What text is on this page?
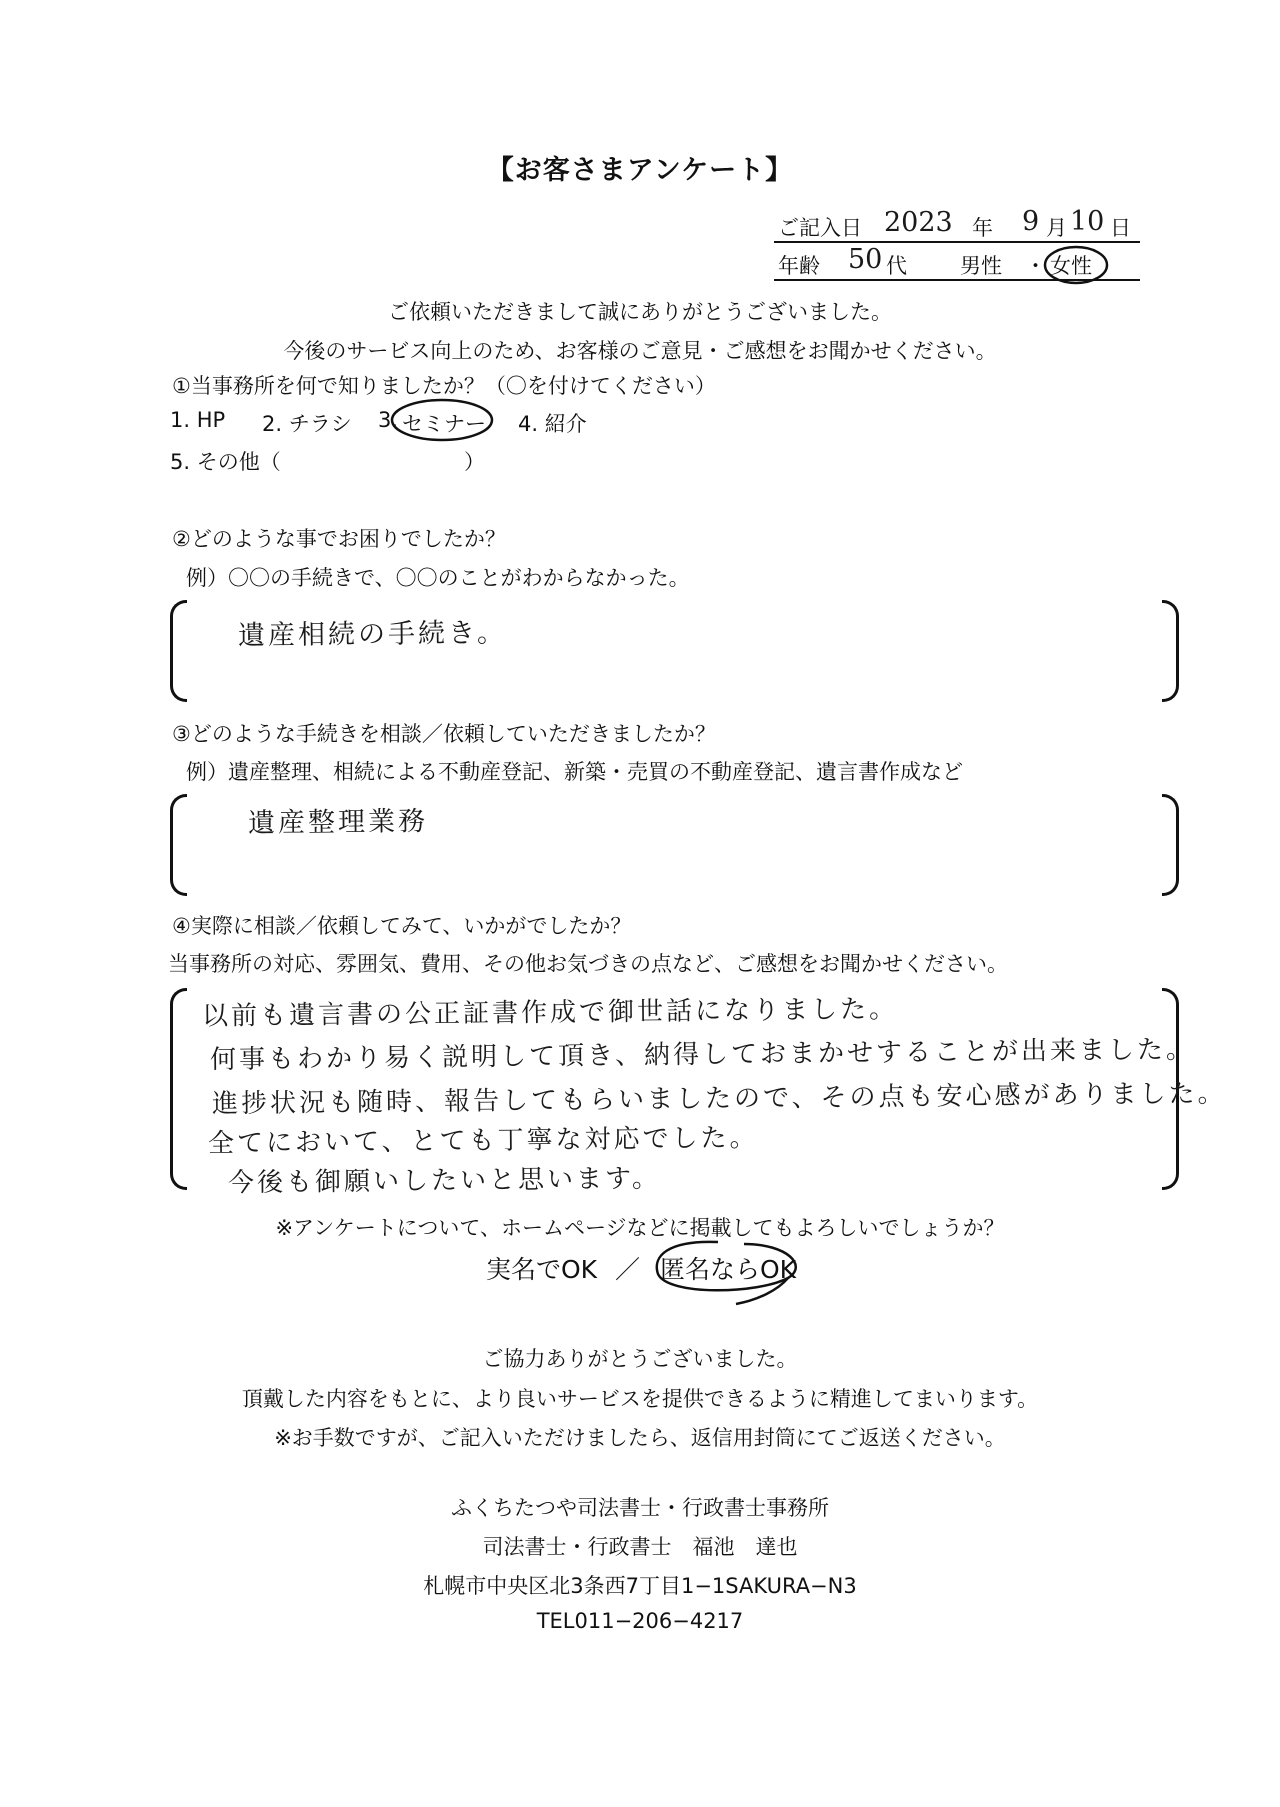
【お客さまアンケート】
ご記入日 2023 年 9 月 10 日
年齢 50 代	男性 ・ 女性
ご依頼いただきまして誠にありがとうございました。
今後のサービス向上のため、お客様のご意見・ご感想をお聞かせください。
①当事務所を何で知りましたか？（〇を付けてください）
1. HP 2. チラシ 3. セミナー 4. 紹介
5. その他（	）
②どのような事でお困りでしたか？
例）〇〇の手続きで、〇〇のことがわからなかった。
遺産相続の手続き。
③どのような手続きを相談／依頼していただきましたか？
例）遺産整理、相続による不動産登記、新築・売買の不動産登記、遺言書作成など
遺産整理業務
④実際に相談／依頼してみて、いかがでしたか？
当事務所の対応、雰囲気、費用、その他お気づきの点など、ご感想をお聞かせください。
以前も遺言書の公正証書作成で御世話になりました。
何事もわかり易く説明して頂き、納得しておまかせすることが出来ました。
進捗状況も随時、報告してもらいましたので、その点も安心感がありました。
全てにおいて、とても丁寧な対応でした。
今後も御願いしたいと思います。
※アンケートについて、ホームページなどに掲載してもよろしいでしょうか？
実名でOK ／ 匿名ならOK
ご協力ありがとうございました。
頂戴した内容をもとに、より良いサービスを提供できるように精進してまいります。
※お手数ですが、ご記入いただけましたら、返信用封筒にてご返送ください。
ふくちたつや司法書士・行政書士事務所
司法書士・行政書士　福池　達也
札幌市中央区北3条西7丁目1−1SAKURA−N3
TEL011−206−4217
